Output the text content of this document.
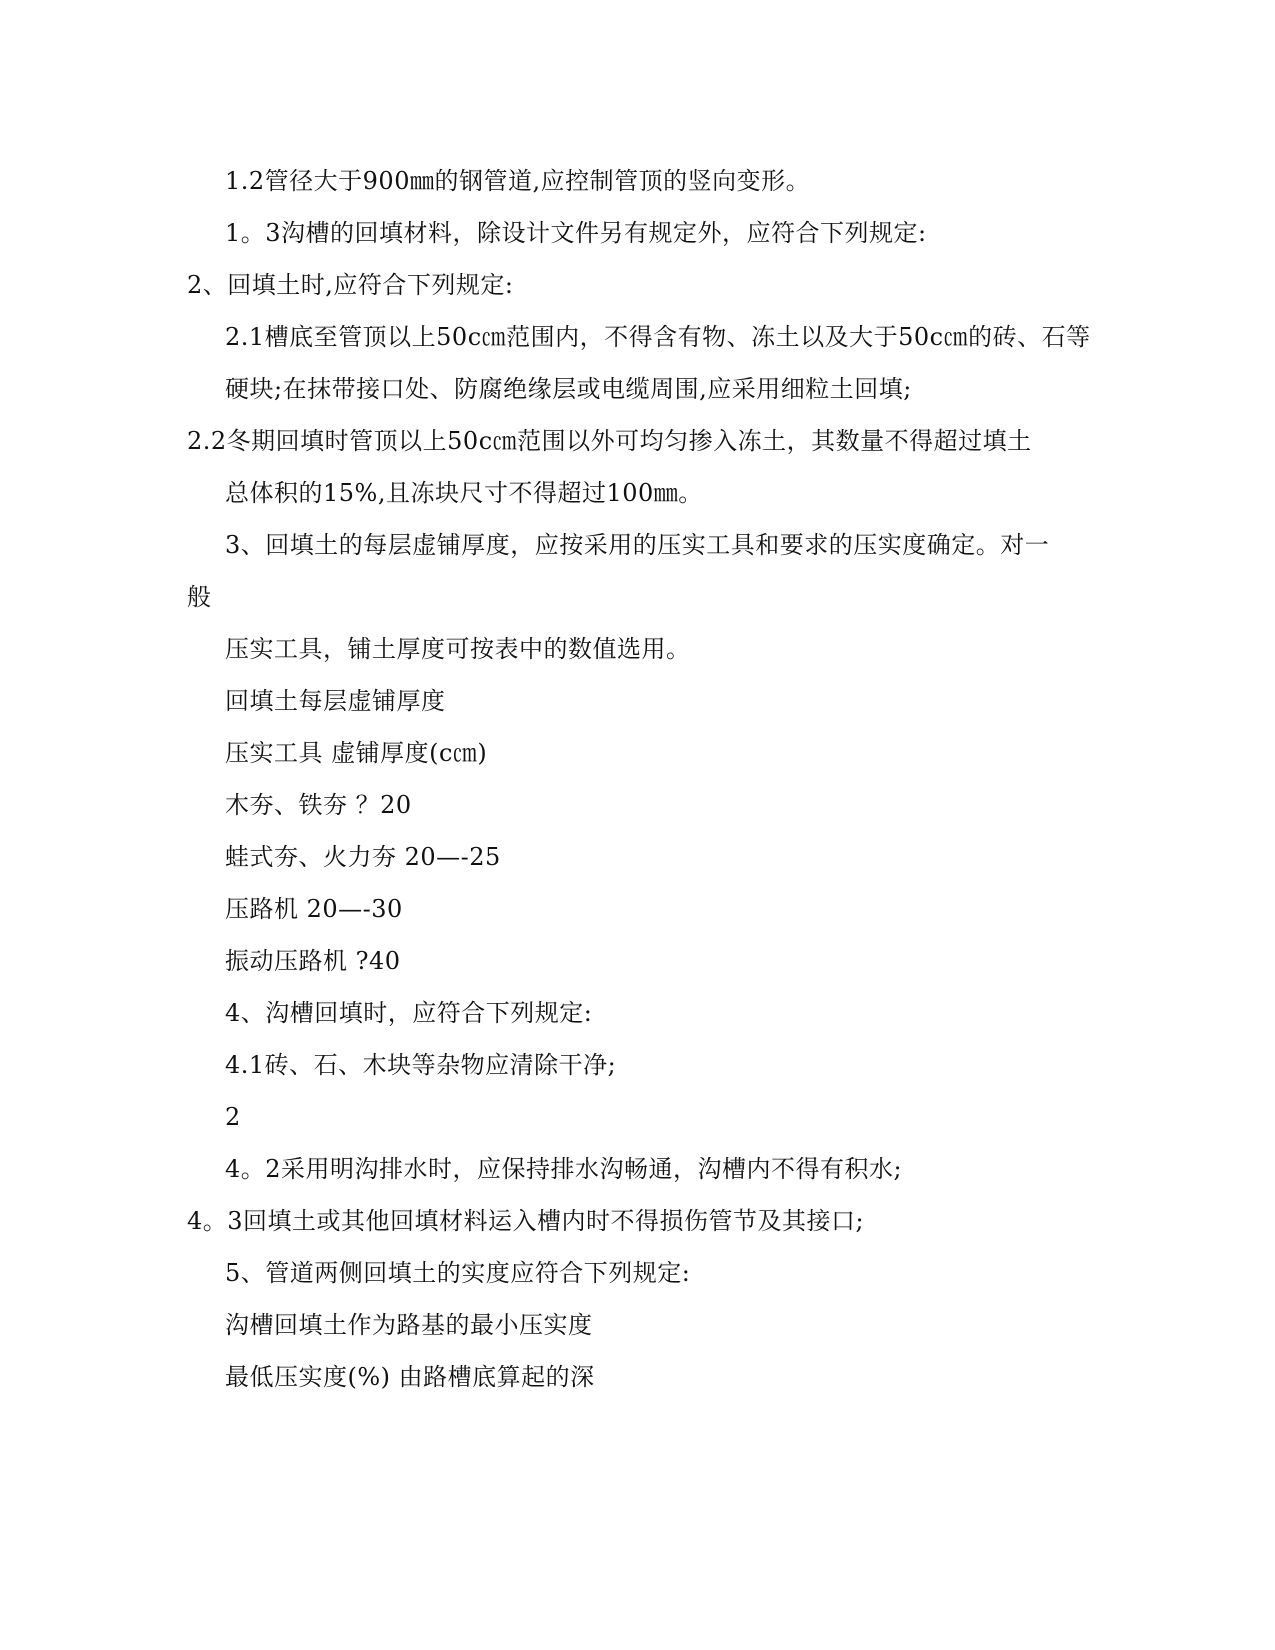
1.2管径大于900㎜的钢管道,应控制管顶的竖向变形。
1。3沟槽的回填材料，除设计文件另有规定外，应符合下列规定:
2、回填土时,应符合下列规定:
2.1槽底至管顶以上50c㎝范围内，不得含有物、冻土以及大于50c㎝的砖、石等
硬块;在抹带接口处、防腐绝缘层或电缆周围,应采用细粒土回填;
2.2冬期回填时管顶以上50c㎝范围以外可均匀掺入冻土，其数量不得超过填土
总体积的15%,且冻块尺寸不得超过100㎜。
3、回填土的每层虚铺厚度，应按采用的压实工具和要求的压实度确定。对一
般
压实工具，铺土厚度可按表中的数值选用。
回填土每层虚铺厚度
压实工具 虚铺厚度(c㎝)
木夯、铁夯 ？20
蛙式夯、火力夯 20—-25
压路机 20—-30
振动压路机 ?40
4、沟槽回填时，应符合下列规定:
4.1砖、石、木块等杂物应清除干净;
2
4。2采用明沟排水时，应保持排水沟畅通，沟槽内不得有积水;
4。3回填土或其他回填材料运入槽内时不得损伤管节及其接口;
5、管道两侧回填土的实度应符合下列规定:
沟槽回填土作为路基的最小压实度
最低压实度(%) 由路槽底算起的深
